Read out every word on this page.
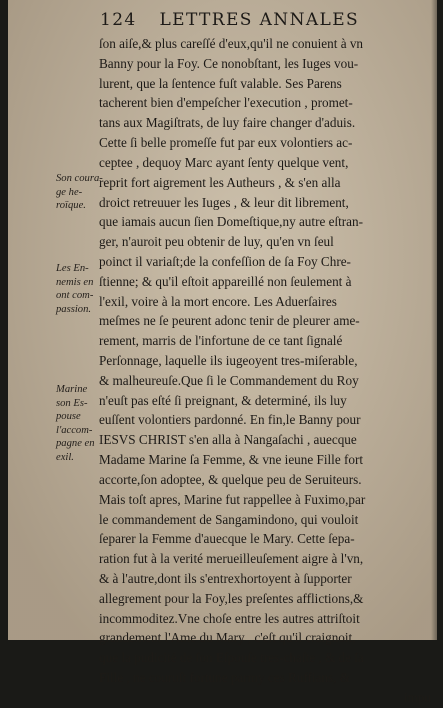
124 LETTRES ANNALES
Son coura-
ge he-
roïque.
Les En-
nemis en
ont com-
passion.
Marine
son Es-
pouse
l'accom-
pagne en
exil.
ſon aiſe,& plus careſſé d'eux,qu'il ne conuient à vn
Banny pour la Foy. Ce nonobſtant, les Iuges vou-
lurent, que la ſentence fuſt valable. Ses Parens
tacherent bien d'empeſcher l'execution , promet-
tans aux Magiſtrats, de luy faire changer d'aduis.
Cette ſi belle promeſſe fut par eux volontiers ac-
ceptee , dequoy Marc ayant ſenty quelque vent,
reprit fort aigrement les Autheurs , & s'en alla
droict retreuuer les Iuges , & leur dit librement,
que iamais aucun ſien Domeſtique,ny autre eſtran-
ger, n'auroit peu obtenir de luy, qu'en vn ſeul
poinct il variaſt;de la confeſſion de ſa Foy Chre-
ſtienne; & qu'il eſtoit appareillé non ſeulement à
l'exil, voire à la mort encore. Les Aduerſaires
meſmes ne ſe peurent adonc tenir de pleurer ame-
rement, marris de l'infortune de ce tant ſignalé
Perſonnage, laquelle ils iugeoyent tres-miſerable,
& malheureuſe.Que ſi le Commandement du Roy
n'euſt pas eſté ſi preignant, & determiné, ils luy
euſſent volontiers pardonné. En fin,le Banny pour
IESVS CHRIST s'en alla à Nangaſachi , auecque
Madame Marine ſa Femme, & vne ieune Fille fort
accorte,ſon adoptee, & quelque peu de Seruiteurs.
Mais toſt apres, Marine fut rappellee à Fuximo,par
le commandement de Sangamindono, qui vouloit
ſeparer la Femme d'auecque le Mary. Cette ſepa-
ration fut à la verité merueilleuſement aigre à l'vn,
& à l'autre,dont ils s'entrexhortoyent à ſupporter
allegrement pour la Foy,les preſentes afflictions,&
incommoditez.Vne choſe entre les autres attriſtoit
grandement l'Ame du Mary , c'eſt qu'il craignoit,
que la pudicité de ſon Eſpouſe tres-chaſte , & de ſa
Fille , ne couruſt fortune parmy ces Ruffians, &
impu
